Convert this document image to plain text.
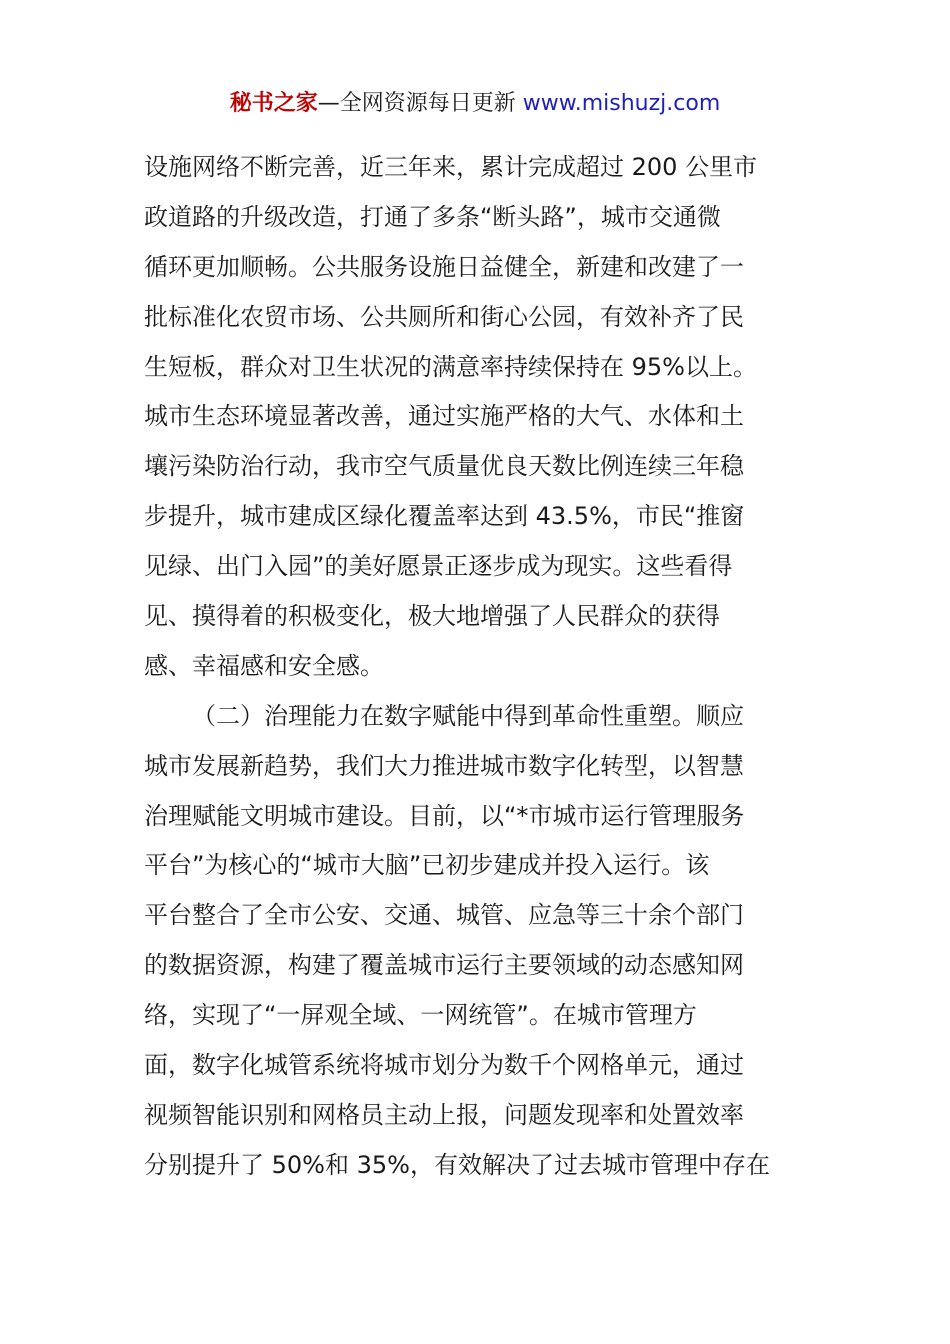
秘书之家—全网资源每日更新 www.mishuzj.com
设施网络不断完善，近三年来，累计完成超过 200 公里市
政道路的升级改造，打通了多条“断头路”，城市交通微
循环更加顺畅。公共服务设施日益健全，新建和改建了一
批标准化农贸市场、公共厕所和街心公园，有效补齐了民
生短板，群众对卫生状况的满意率持续保持在 95%以上。
城市生态环境显著改善，通过实施严格的大气、水体和土
壤污染防治行动，我市空气质量优良天数比例连续三年稳
步提升，城市建成区绿化覆盖率达到 43.5%，市民“推窗
见绿、出门入园”的美好愿景正逐步成为现实。这些看得
见、摸得着的积极变化，极大地增强了人民群众的获得
感、幸福感和安全感。
（二）治理能力在数字赋能中得到革命性重塑。顺应
城市发展新趋势，我们大力推进城市数字化转型，以智慧
治理赋能文明城市建设。目前，以“*市城市运行管理服务
平台”为核心的“城市大脑”已初步建成并投入运行。该
平台整合了全市公安、交通、城管、应急等三十余个部门
的数据资源，构建了覆盖城市运行主要领域的动态感知网
络，实现了“一屏观全域、一网统管”。在城市管理方
面，数字化城管系统将城市划分为数千个网格单元，通过
视频智能识别和网格员主动上报，问题发现率和处置效率
分别提升了 50%和 35%，有效解决了过去城市管理中存在
